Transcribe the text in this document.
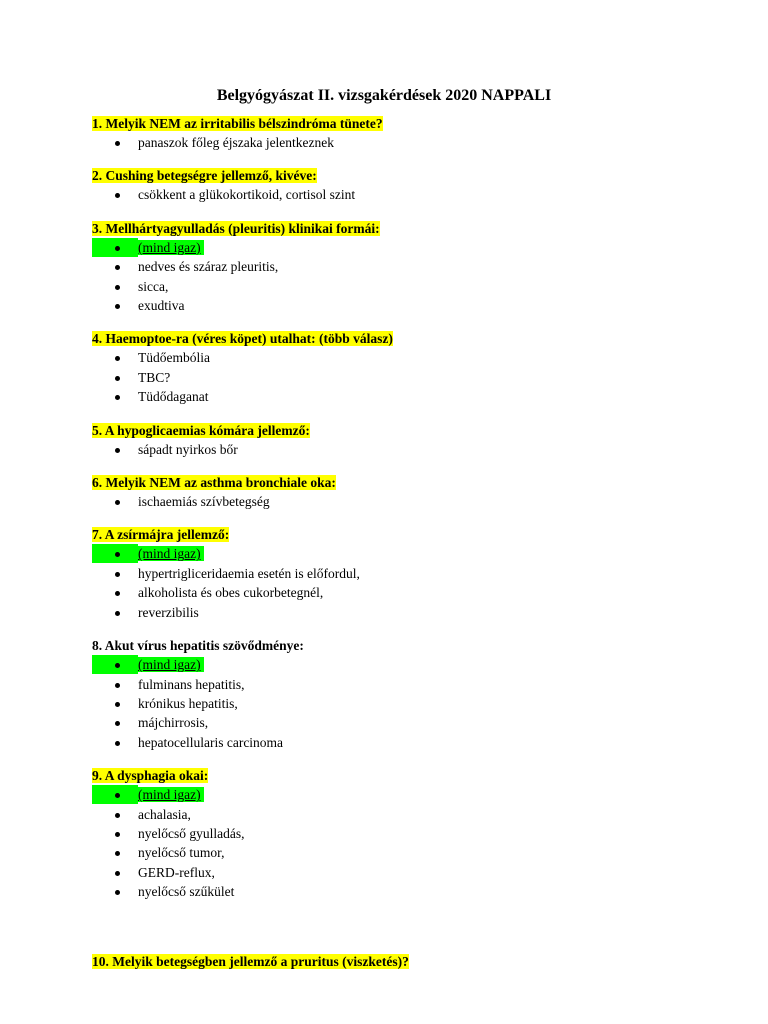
Belgyógyászat II. vizsgakérdések 2020 NAPPALI

1. Melyik NEM az irritabilis bélszindróma tünete?

panaszok főleg éjszaka jelentkeznek

2. Cushing betegségre jellemző, kivéve:

csökkent a glükokortikoid, cortisol szint

3. Mellhártyagyulladás (pleuritis) klinikai formái:

(mind igaz)
nedves és száraz pleuritis,
sicca,
exudtiva

4. Haemoptoe-ra (véres köpet) utalhat: (több válasz)

Tüdőembólia
TBC?
Tüdődaganat

5. A hypoglicaemias kómára jellemző:

sápadt nyirkos bőr

6. Melyik NEM az asthma bronchiale oka:

ischaemiás szívbetegség

7. A zsírmájra jellemző:

(mind igaz)
hypertrigliceridaemia esetén is előfordul,
alkoholista és obes cukorbetegnél,
reverzibilis

8. Akut vírus hepatitis szövődménye:

(mind igaz)
fulminans hepatitis,
krónikus hepatitis,
májchirrosis,
hepatocellularis carcinoma

9. A dysphagia okai:

(mind igaz)
achalasia,
nyelőcső gyulladás,
nyelőcső tumor,
GERD-reflux,
nyelőcső szűkület

10. Melyik betegségben jellemző a pruritus (viszketés)?
